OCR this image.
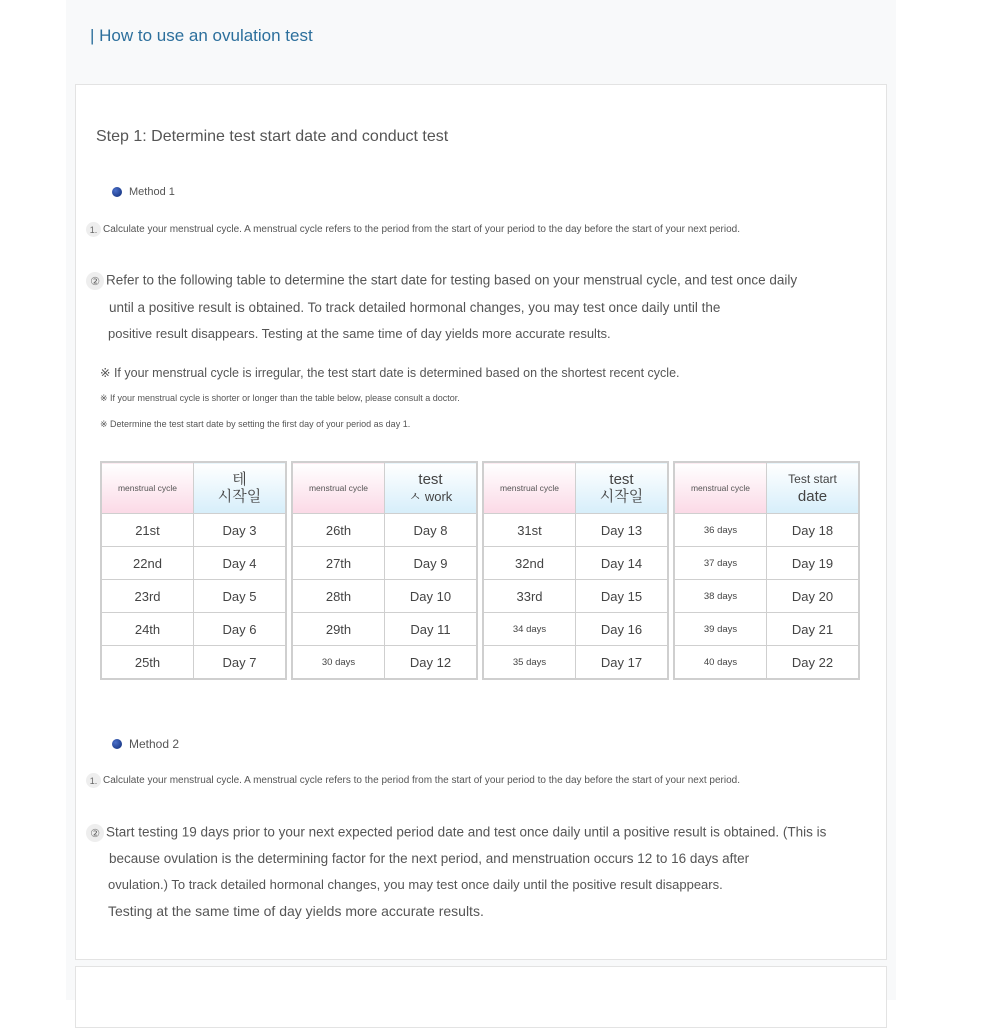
| How to use an ovulation test
Step 1: Determine test start date and conduct test
Method 1
1. Calculate your menstrual cycle. A menstrual cycle refers to the period from the start of your period to the day before the start of your next period.
② Refer to the following table to determine the start date for testing based on your menstrual cycle, and test once daily
until a positive result is obtained. To track detailed hormonal changes, you may test once daily until the
positive result disappears. Testing at the same time of day yields more accurate results.
※ If your menstrual cycle is irregular, the test start date is determined based on the shortest recent cycle.
※ If your menstrual cycle is shorter or longer than the table below, please consult a doctor.
※ Determine the test start date by setting the first day of your period as day 1.
menstrual cycle	테
시작일
21st	Day 3
22nd	Day 4
23rd	Day 5
24th	Day 6
25th	Day 7
menstrual cycle	test
ㅅ work
26th	Day 8
27th	Day 9
28th	Day 10
29th	Day 11
30 days	Day 12
menstrual cycle	test
시작일
31st	Day 13
32nd	Day 14
33rd	Day 15
34 days	Day 16
35 days	Day 17
menstrual cycle	Test start
date
36 days	Day 18
37 days	Day 19
38 days	Day 20
39 days	Day 21
40 days	Day 22
Method 2
1. Calculate your menstrual cycle. A menstrual cycle refers to the period from the start of your period to the day before the start of your next period.
② Start testing 19 days prior to your next expected period date and test once daily until a positive result is obtained. (This is
because ovulation is the determining factor for the next period, and menstruation occurs 12 to 16 days after
ovulation.) To track detailed hormonal changes, you may test once daily until the positive result disappears.
Testing at the same time of day yields more accurate results.
